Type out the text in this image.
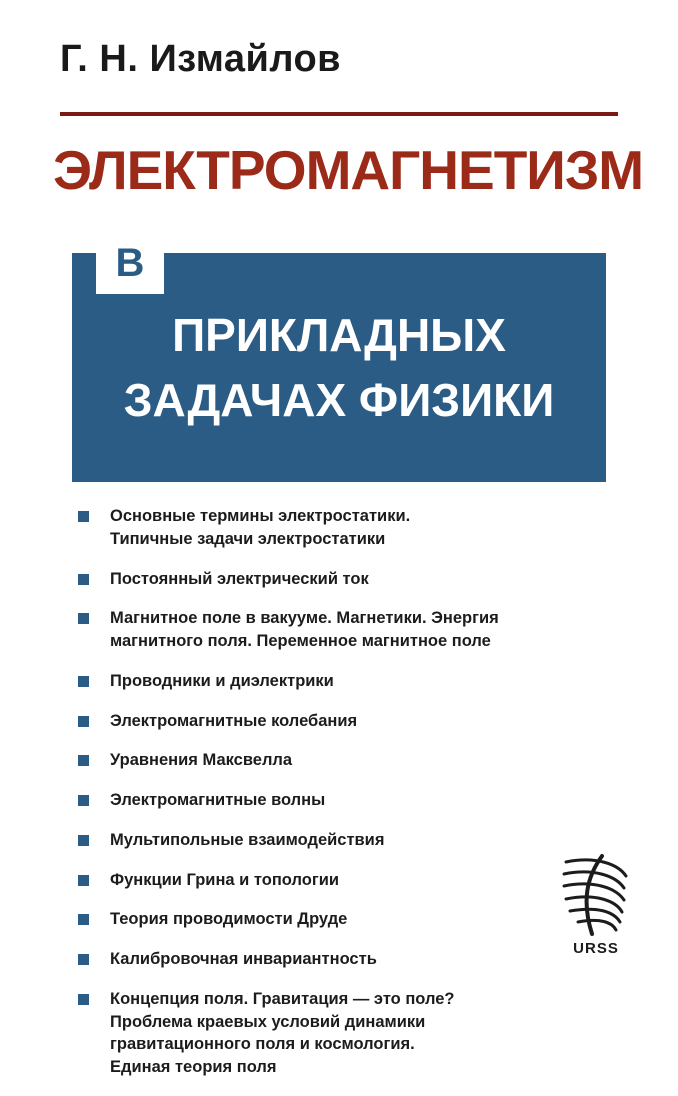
Г. Н. Измайлов
ЭЛЕКТРОМАГНЕТИЗМ
ПРИКЛАДНЫХ
ЗАДАЧАХ ФИЗИКИ
В
Основные термины электростатики.
Типичные задачи электростатики
Постоянный электрический ток
Магнитное поле в вакууме. Магнетики. Энергия
магнитного поля. Переменное магнитное поле
Проводники и диэлектрики
Электромагнитные колебания
Уравнения Максвелла
Электромагнитные волны
Мультипольные взаимодействия
Функции Грина и топологии
Теория проводимости Друде
Калибровочная инвариантность
Концепция поля. Гравитация — это поле?
Проблема краевых условий динамики
гравитационного поля и космология.
Единая теория поля
URSS
